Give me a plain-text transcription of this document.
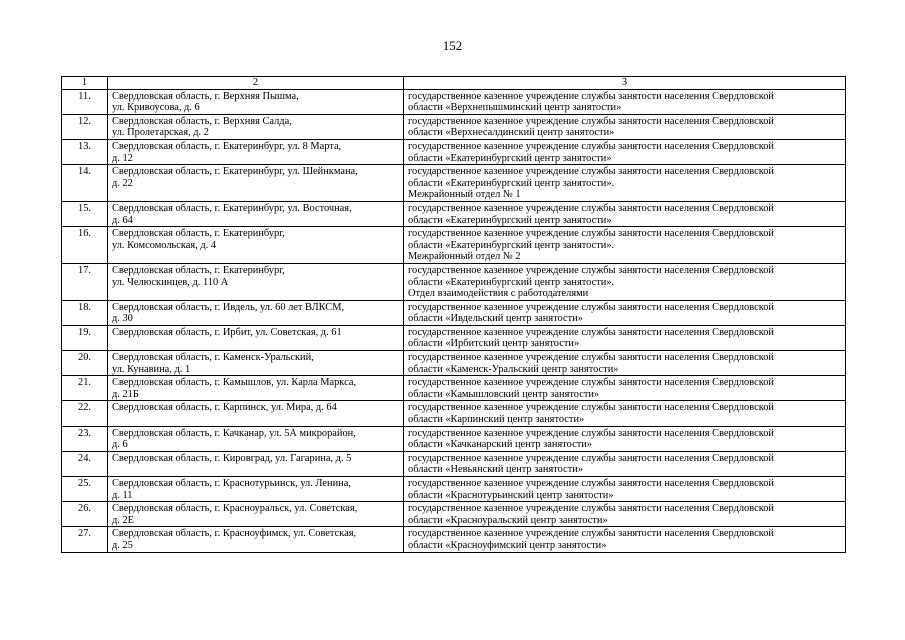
152
1	2	3
11.	Свердловская область, г. Верхняя Пышма,
ул. Кривоусова, д. 6	государственное казенное учреждение службы занятости населения Свердловской
области «Верхнепышминский центр занятости»

12.	Свердловская область, г. Верхняя Салда,
ул. Пролетарская, д. 2	государственное казенное учреждение службы занятости населения Свердловской
области «Верхнесалдинский центр занятости»

13.	Свердловская область, г. Екатеринбург, ул. 8 Марта,
д. 12	государственное казенное учреждение службы занятости населения Свердловской
области «Екатеринбургский центр занятости»

14.	Свердловская область, г. Екатеринбург, ул. Шейнкмана,
д. 22	государственное казенное учреждение службы занятости населения Свердловской
области «Екатеринбургский центр занятости».
Межрайонный отдел № 1

15.	Свердловская область, г. Екатеринбург, ул. Восточная,
д. 64	государственное казенное учреждение службы занятости населения Свердловской
области «Екатеринбургский центр занятости»

16.	Свердловская область, г. Екатеринбург,
ул. Комсомольская, д. 4	государственное казенное учреждение службы занятости населения Свердловской
области «Екатеринбургский центр занятости».
Межрайонный отдел № 2

17.	Свердловская область, г. Екатеринбург,
ул. Челюскинцев, д. 110 А	государственное казенное учреждение службы занятости населения Свердловской
области «Екатеринбургский центр занятости».
Отдел взаимодействия с работодателями

18.	Свердловская область, г. Ивдель, ул. 60 лет ВЛКСМ,
д. 30	государственное казенное учреждение службы занятости населения Свердловской
области «Ивдельский центр занятости»

19.	Свердловская область, г. Ирбит, ул. Советская, д. 61	государственное казенное учреждение службы занятости населения Свердловской
области «Ирбитский центр занятости»

20.	Свердловская область, г. Каменск-Уральский,
ул. Кунавина, д. 1	государственное казенное учреждение службы занятости населения Свердловской
области «Каменск-Уральский центр занятости»

21.	Свердловская область, г. Камышлов, ул. Карла Маркса,
д. 21Б	государственное казенное учреждение службы занятости населения Свердловской
области «Камышловский центр занятости»

22.	Свердловская область, г. Карпинск, ул. Мира, д. 64	государственное казенное учреждение службы занятости населения Свердловской
области «Карпинский центр занятости»

23.	Свердловская область, г. Качканар, ул. 5А микрорайон,
д. 6	государственное казенное учреждение службы занятости населения Свердловской
области «Качканарский центр занятости»

24.	Свердловская область, г. Кировград, ул. Гагарина, д. 5	государственное казенное учреждение службы занятости населения Свердловской
области «Невьянский центр занятости»

25.	Свердловская область, г. Краснотурьинск, ул. Ленина,
д. 11	государственное казенное учреждение службы занятости населения Свердловской
области «Краснотурьинский центр занятости»

26.	Свердловская область, г. Красноуральск, ул. Советская,
д. 2Е	государственное казенное учреждение службы занятости населения Свердловской
области «Красноуральский центр занятости»

27.	Свердловская область, г. Красноуфимск, ул. Советская,
д. 25	государственное казенное учреждение службы занятости населения Свердловской
области «Красноуфимский центр занятости»
